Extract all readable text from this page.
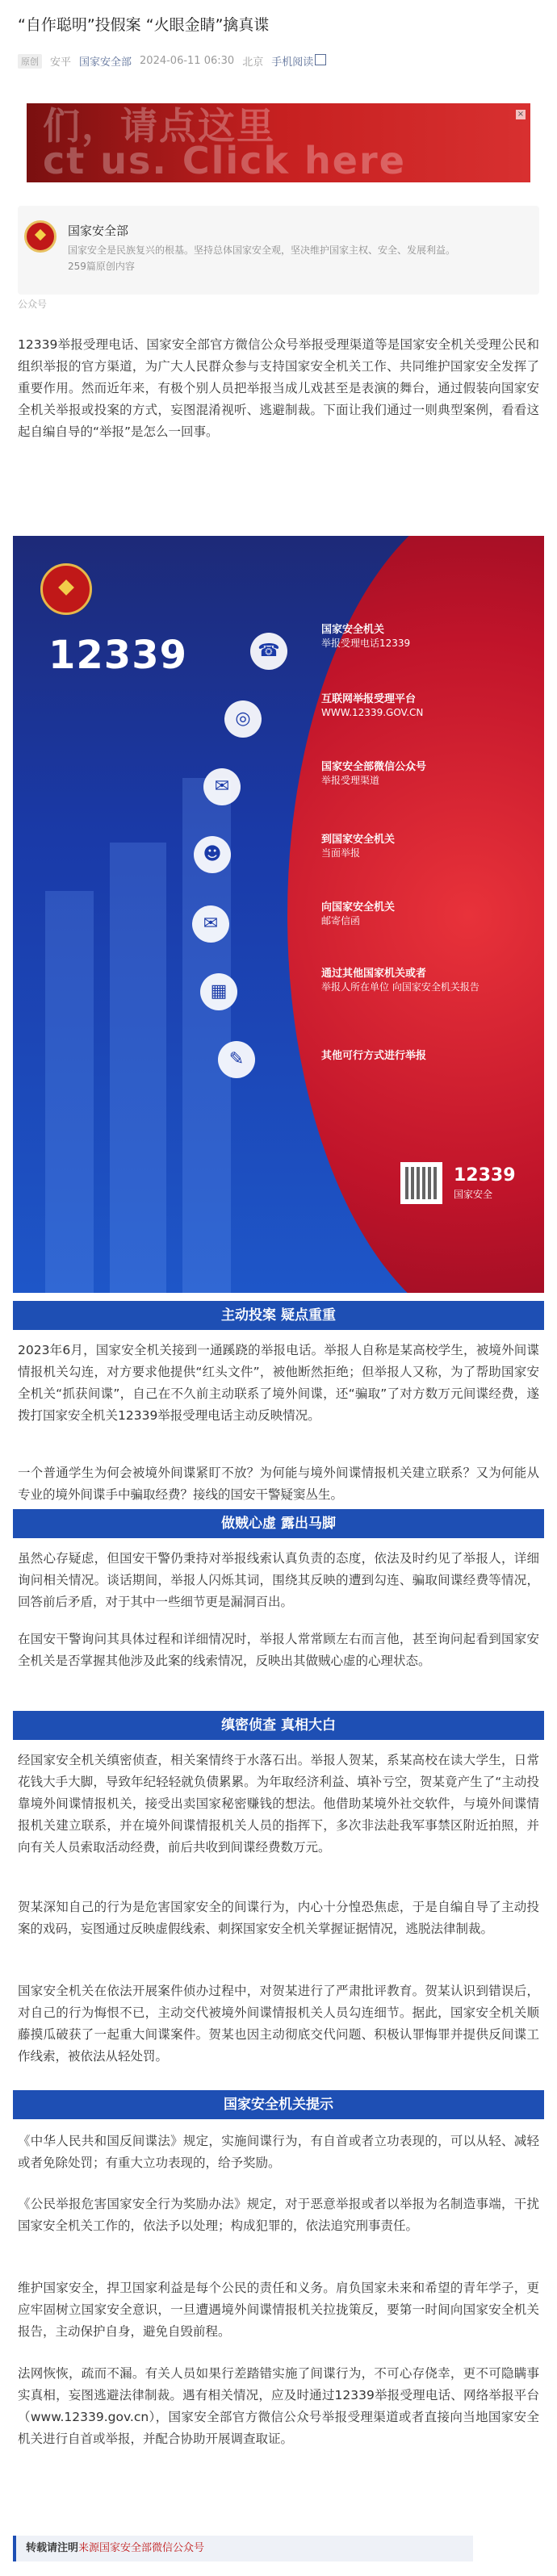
“自作聪明”投假案 “火眼金睛”擒真谍
原创	安平 国家安全部 2024-06-11 06:30 北京 手机阅读
们，请点这里
ct us. Click here
×
国家安全部
国家安全是民族复兴的根基。坚持总体国家安全观，坚决维护国家主权、安全、发展利益。
259篇原创内容
公众号

12339举报受理电话、国家安全部官方微信公众号举报受理渠道等是国家安全机关受理公民和组织举报的官方渠道，为广大人民群众参与支持国家安全机关工作、共同维护国家安全发挥了重要作用。然而近年来，有极个别人员把举报当成儿戏甚至是表演的舞台，通过假装向国家安全机关举报或投案的方式，妄图混淆视听、逃避制裁。下面让我们通过一则典型案例，看看这起自编自导的“举报”是怎么一回事。

12339	☎
◎
✉
☻
✉
▦
✎
国家安全机关
举报受理电话12339
互联网举报受理平台
WWW.12339.GOV.CN
国家安全部微信公众号
举报受理渠道
到国家安全机关
当面举报
向国家安全机关
邮寄信函
通过其他国家机关或者
举报人所在单位 向国家安全机关报告
其他可行方式进行举报
12339
国家安全
主动投案 疑点重重

2023年6月，国家安全机关接到一通蹊跷的举报电话。举报人自称是某高校学生，被境外间谍情报机关勾连，对方要求他提供“红头文件”，被他断然拒绝；但举报人又称，为了帮助国家安全机关“抓获间谍”，自己在不久前主动联系了境外间谍，还“骗取”了对方数万元间谍经费，遂拨打国家安全机关12339举报受理电话主动反映情况。

一个普通学生为何会被境外间谍紧盯不放？为何能与境外间谍情报机关建立联系？又为何能从专业的境外间谍手中骗取经费？接线的国安干警疑窦丛生。

做贼心虚 露出马脚

虽然心存疑虑，但国安干警仍秉持对举报线索认真负责的态度，依法及时约见了举报人，详细询问相关情况。谈话期间，举报人闪烁其词，围绕其反映的遭到勾连、骗取间谍经费等情况，回答前后矛盾，对于其中一些细节更是漏洞百出。

在国安干警询问其具体过程和详细情况时，举报人常常顾左右而言他，甚至询问起看到国家安全机关是否掌握其他涉及此案的线索情况，反映出其做贼心虚的心理状态。

缜密侦查 真相大白

经国家安全机关缜密侦查，相关案情终于水落石出。举报人贺某，系某高校在读大学生，日常花钱大手大脚，导致年纪轻轻就负债累累。为年取经济利益、填补亏空，贺某竟产生了“主动投靠境外间谍情报机关，接受出卖国家秘密赚钱的想法。他借助某境外社交软件，与境外间谍情报机关建立联系，并在境外间谍情报机关人员的指挥下，多次非法赴我军事禁区附近拍照，并向有关人员索取活动经费，前后共收到间谍经费数万元。

贺某深知自己的行为是危害国家安全的间谍行为，内心十分惶恐焦虑，于是自编自导了主动投案的戏码，妄图通过反映虚假线索、刺探国家安全机关掌握证据情况，逃脱法律制裁。

国家安全机关在依法开展案件侦办过程中，对贺某进行了严肃批评教育。贺某认识到错误后，对自己的行为悔恨不已，主动交代被境外间谍情报机关人员勾连细节。据此，国家安全机关顺藤摸瓜破获了一起重大间谍案件。贺某也因主动彻底交代问题、积极认罪悔罪并提供反间谍工作线索，被依法从轻处罚。

国家安全机关提示

《中华人民共和国反间谍法》规定，实施间谍行为，有自首或者立功表现的，可以从轻、减轻或者免除处罚；有重大立功表现的，给予奖励。

《公民举报危害国家安全行为奖励办法》规定，对于恶意举报或者以举报为名制造事端，干扰国家安全机关工作的，依法予以处理；构成犯罪的，依法追究刑事责任。

维护国家安全，捍卫国家利益是每个公民的责任和义务。肩负国家未来和希望的青年学子，更应牢固树立国家安全意识，一旦遭遇境外间谍情报机关拉拢策反，要第一时间向国家安全机关报告，主动保护自身，避免自毁前程。

法网恢恢，疏而不漏。有关人员如果行差踏错实施了间谍行为，不可心存侥幸，更不可隐瞒事实真相，妄图逃避法律制裁。遇有相关情况，应及时通过12339举报受理电话、网络举报平台（www.12339.gov.cn），国家安全部官方微信公众号举报受理渠道或者直接向当地国家安全机关进行自首或举报，并配合协助开展调查取证。

转载请注明来源国家安全部微信公众号
